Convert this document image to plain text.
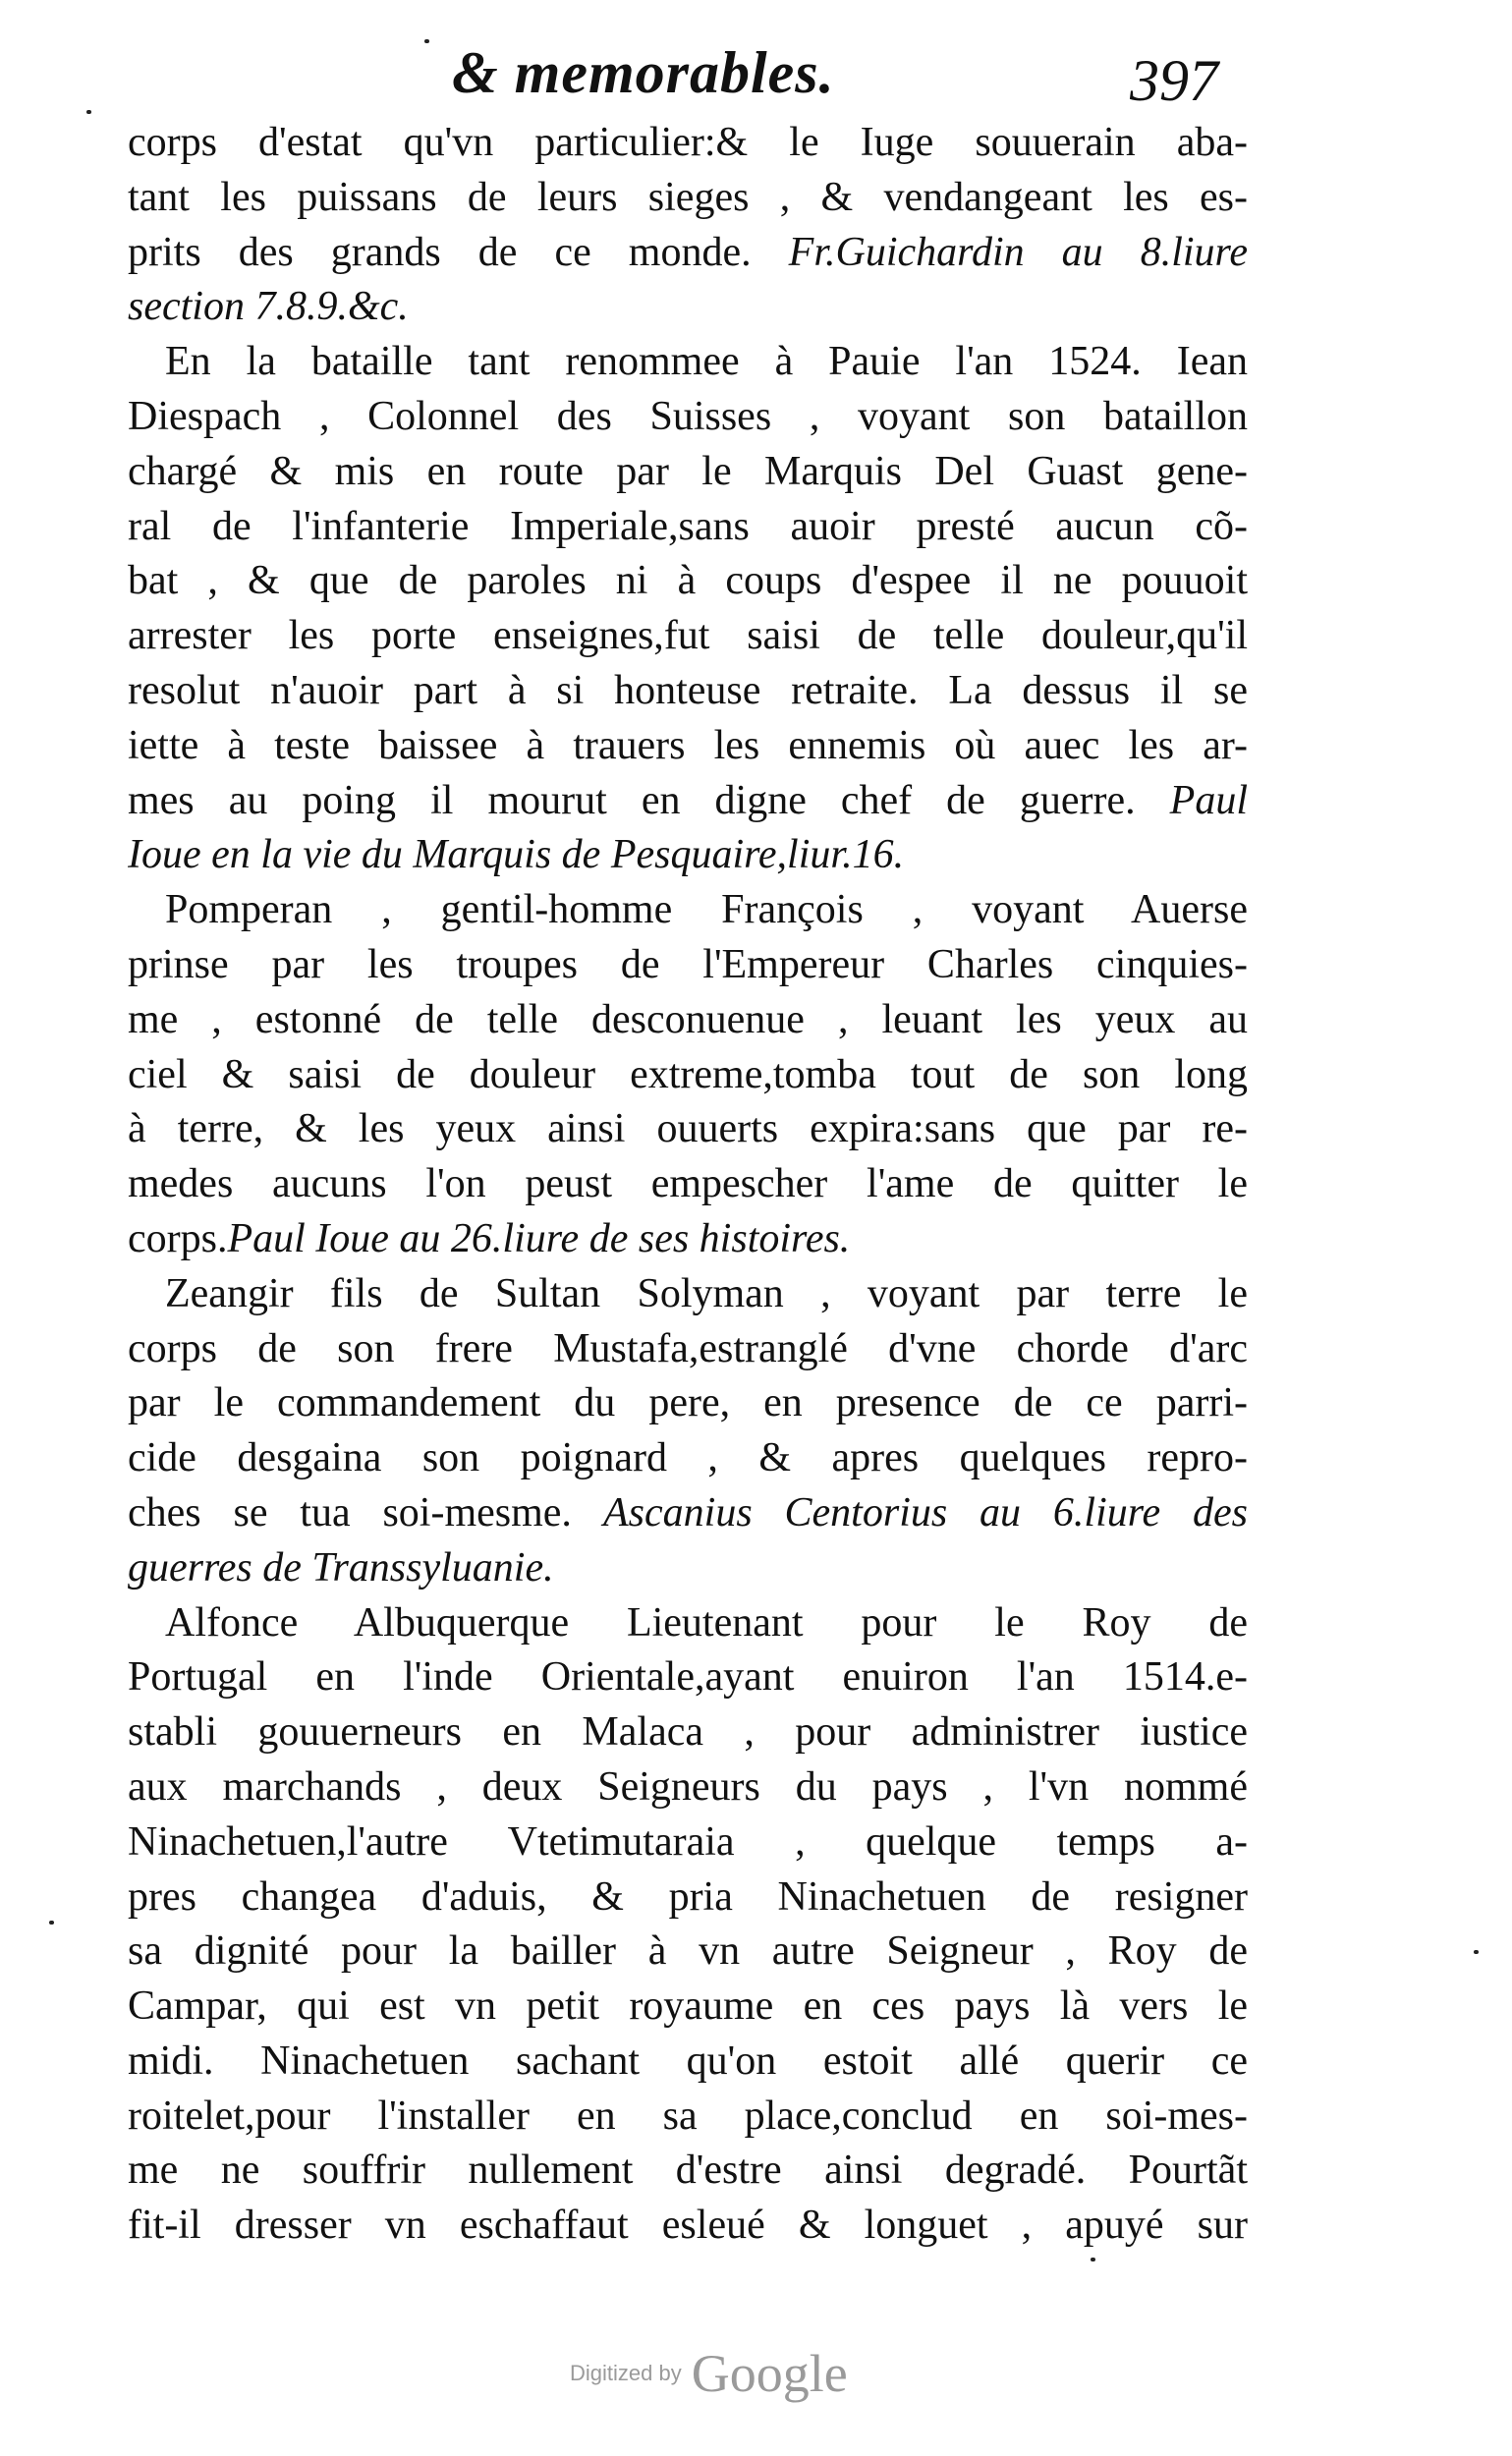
& memorables.	397
corps d'estat qu'vn particulier:& le Iuge souuerain aba-
tant les puissans de leurs sieges , & vendangeant les es-
prits des grands de ce monde. Fr.Guichardin au 8.liure
section 7.8.9.&c.
En la bataille tant renommee à Pauie l'an 1524. Iean
Diespach , Colonnel des Suisses , voyant son bataillon
chargé & mis en route par le Marquis Del Guast gene-
ral de l'infanterie Imperiale,sans auoir presté aucun cõ-
bat , & que de paroles ni à coups d'espee il ne pouuoit
arrester les porte enseignes,fut saisi de telle douleur,qu'il
resolut n'auoir part à si honteuse retraite. La dessus il se
iette à teste baissee à trauers les ennemis où auec les ar-
mes au poing il mourut en digne chef de guerre. Paul
Ioue en la vie du Marquis de Pesquaire,liur.16.
Pomperan , gentil-homme François , voyant Auerse
prinse par les troupes de l'Empereur Charles cinquies-
me , estonné de telle desconuenue , leuant les yeux au
ciel & saisi de douleur extreme,tomba tout de son long
à terre, & les yeux ainsi ouuerts expira:sans que par re-
medes aucuns l'on peust empescher l'ame de quitter le
corps.Paul Ioue au 26.liure de ses histoires.
Zeangir fils de Sultan Solyman , voyant par terre le
corps de son frere Mustafa,estranglé d'vne chorde d'arc
par le commandement du pere, en presence de ce parri-
cide desgaina son poignard , & apres quelques repro-
ches se tua soi-mesme. Ascanius Centorius au 6.liure des
guerres de Transsyluanie.
Alfonce Albuquerque Lieutenant pour le Roy de
Portugal en l'inde Orientale,ayant enuiron l'an 1514.e-
stabli gouuerneurs en Malaca , pour administrer iustice
aux marchands , deux Seigneurs du pays , l'vn nommé
Ninachetuen,l'autre Vtetimutaraia , quelque temps a-
pres changea d'aduis, & pria Ninachetuen de resigner
sa dignité pour la bailler à vn autre Seigneur , Roy de
Campar, qui est vn petit royaume en ces pays là vers le
midi. Ninachetuen sachant qu'on estoit allé querir ce
roitelet,pour l'installer en sa place,conclud en soi-mes-
me ne souffrir nullement d'estre ainsi degradé. Pourtãt
fit-il dresser vn eschaffaut esleué & longuet , apuyé sur
Digitized by Google
